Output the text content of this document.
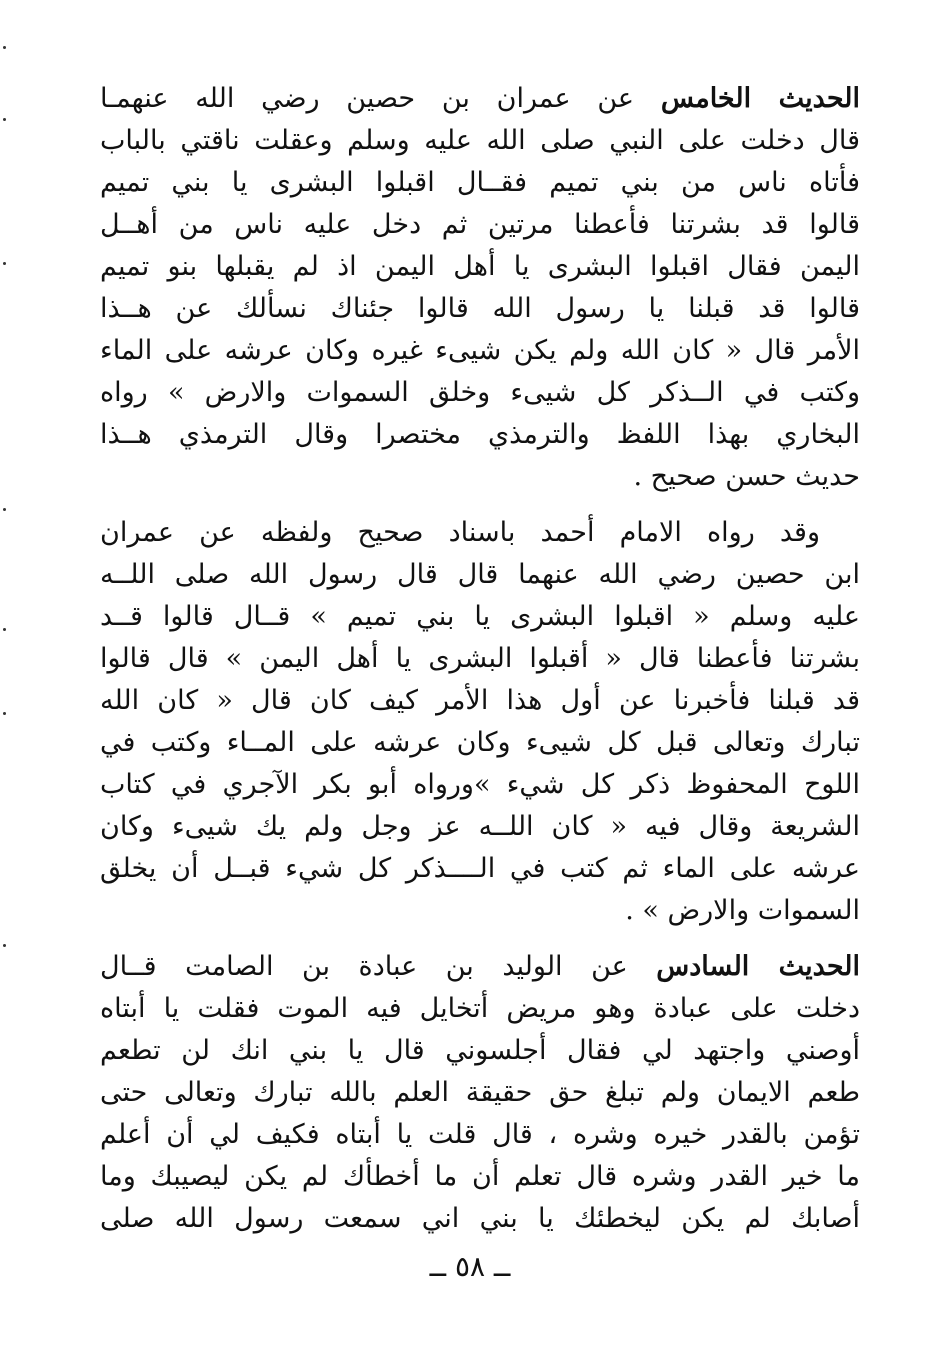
الحديث الخامس عن عمران بن حصين رضي الله عنهمـا
قال دخلت على النبي صلى الله عليه وسلم وعقلت ناقتي بالباب
فأتاه ناس من بني تميم فقــال اقبلوا البشرى يا بني تميم
قالوا قد بشرتنا فأعطنا مرتين ثم دخل عليه ناس من أهــل
اليمن فقال اقبلوا البشرى يا أهل اليمن اذ لم يقبلها بنو تميم
قالوا قد قبلنا يا رسول الله قالوا جئناك نسألك عن هــذا
الأمر قال « كان الله ولم يكن شيىء غيره وكان عرشه على الماء
وكتب في الــذكر كل شيىء وخلق السموات والارض » رواه
البخاري بهذا اللفظ والترمذي مختصرا وقال الترمذي هــذا
حديث حسن صحيح .
وقد رواه الامام أحمد باسناد صحيح ولفظه عن عمران
ابن حصين رضي الله عنهما قال قال رسول الله صلى اللــه
عليه وسلم « اقبلوا البشرى يا بني تميم » قــال قالوا قــد
بشرتنا فأعطنا قال « أقبلوا البشرى يا أهل اليمن » قال قالوا
قد قبلنا فأخبرنا عن أول هذا الأمر كيف كان قال « كان الله
تبارك وتعالى قبل كل شيىء وكان عرشه على المــاء وكتب في
اللوح المحفوظ ذكر كل شيء »ورواه أبو بكر الآجري في كتاب
الشريعة وقال فيه « كان اللــه عز وجل ولم يك شيىء وكان
عرشه على الماء ثم كتب في الــــذكر كل شيء قبــل أن يخلق
السموات والارض » .
الحديث السادس عن الوليد بن عبادة بن الصامت قــال
دخلت على عبادة وهو مريض أتخايل فيه الموت فقلت يا أبتاه
أوصني واجتهد لي فقال أجلسوني قال يا بني انك لن تطعم
طعم الايمان ولم تبلغ حق حقيقة العلم بالله تبارك وتعالى حتى
تؤمن بالقدر خيره وشره ، قال قلت يا أبتاه فكيف لي أن أعلم
ما خير القدر وشره قال تعلم أن ما أخطأك لم يكن ليصيبك وما
أصابك لم يكن ليخطئك يا بني اني سمعت رسول الله صلى
ــ ٥٨ ــ
